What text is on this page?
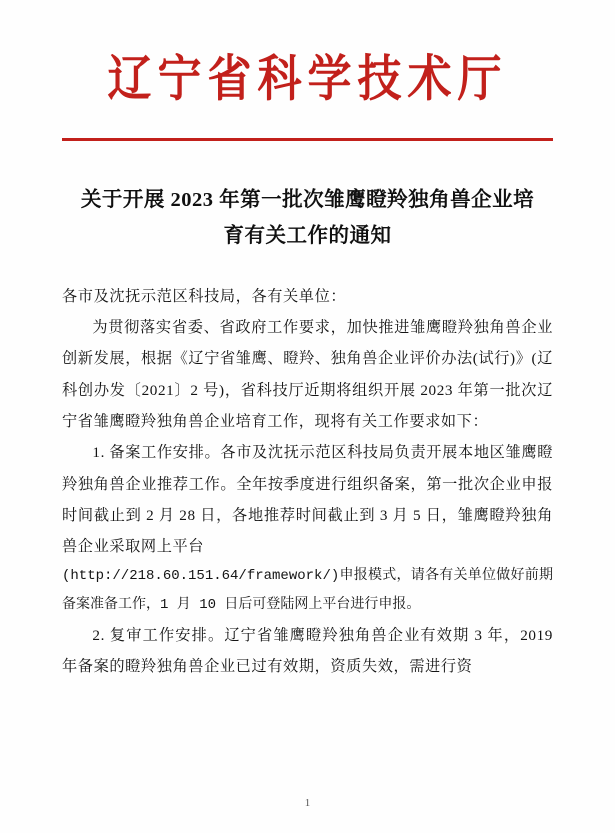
辽宁省科学技术厅
关于开展 2023 年第一批次雏鹰瞪羚独角兽企业培育有关工作的通知

各市及沈抚示范区科技局，各有关单位：

为贯彻落实省委、省政府工作要求，加快推进雏鹰瞪羚独角兽企业创新发展，根据《辽宁省雏鹰、瞪羚、独角兽企业评价办法(试行)》(辽科创办发〔2021〕2 号)，省科技厅近期将组织开展 2023 年第一批次辽宁省雏鹰瞪羚独角兽企业培育工作，现将有关工作要求如下：

1. 备案工作安排。各市及沈抚示范区科技局负责开展本地区雏鹰瞪羚独角兽企业推荐工作。全年按季度进行组织备案，第一批次企业申报时间截止到 2 月 28 日，各地推荐时间截止到 3 月 5 日，雏鹰瞪羚独角兽企业采取网上平台

(http://218.60.151.64/framework/)申报模式，请各有关单位做好前期备案准备工作，1 月 10 日后可登陆网上平台进行申报。

2. 复审工作安排。辽宁省雏鹰瞪羚独角兽企业有效期 3 年，2019 年备案的瞪羚独角兽企业已过有效期，资质失效，需进行资

1
